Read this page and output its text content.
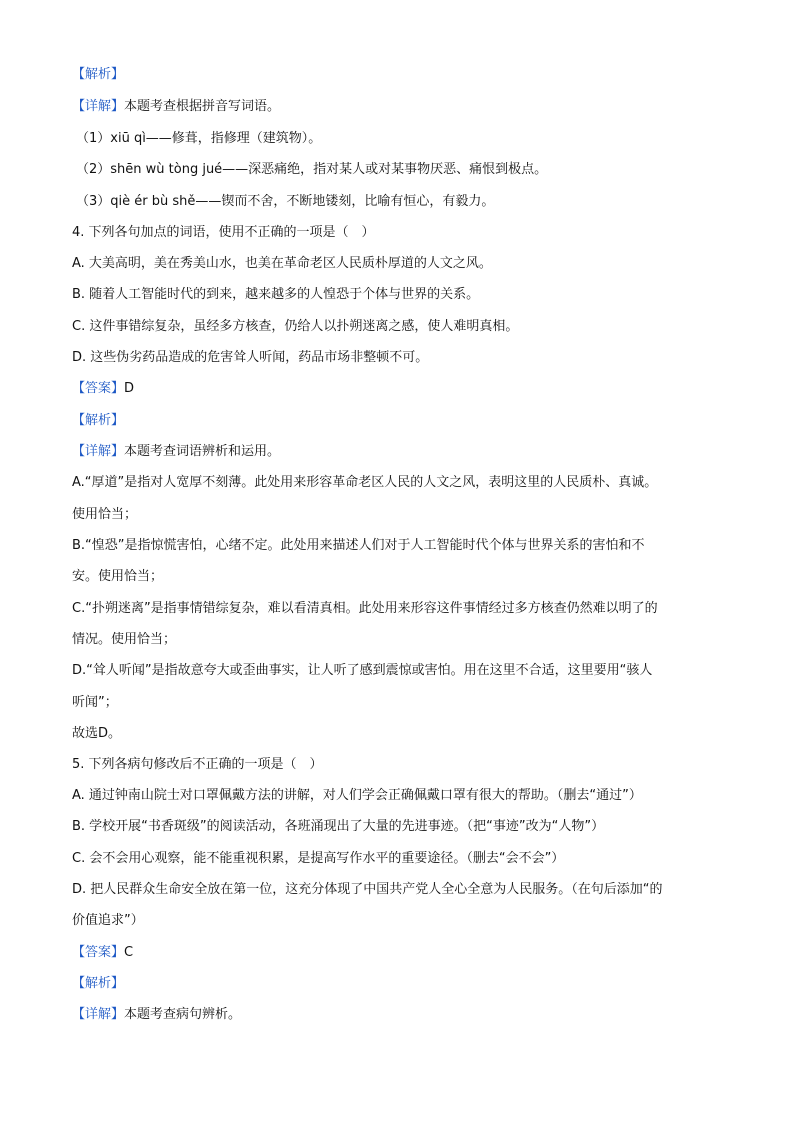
【解析】
【详解】本题考查根据拼音写词语。
（1）xiū qì——修葺，指修理（建筑物）。
（2）shēn wù tòng jué——深恶痛绝，指对某人或对某事物厌恶、痛恨到极点。
（3）qiè ér bù shě——锲而不舍，不断地镂刻，比喻有恒心，有毅力。
4. 下列各句加点的词语，使用不正确的一项是（　）
A. 大美高明，美在秀美山水，也美在革命老区人民质朴厚道的人文之风。
B. 随着人工智能时代的到来，越来越多的人惶恐于个体与世界的关系。
C. 这件事错综复杂，虽经多方核查，仍给人以扑朔迷离之感，使人难明真相。
D. 这些伪劣药品造成的危害耸人听闻，药品市场非整顿不可。
【答案】D
【解析】
【详解】本题考查词语辨析和运用。
A.“厚道”是指对人宽厚不刻薄。此处用来形容革命老区人民的人文之风，表明这里的人民质朴、真诚。
使用恰当；
B.“惶恐”是指惊慌害怕，心绪不定。此处用来描述人们对于人工智能时代个体与世界关系的害怕和不
安。使用恰当；
C.“扑朔迷离”是指事情错综复杂，难以看清真相。此处用来形容这件事情经过多方核查仍然难以明了的
情况。使用恰当；
D.“耸人听闻”是指故意夸大或歪曲事实，让人听了感到震惊或害怕。用在这里不合适，这里要用“骇人
听闻”；
故选D。
5. 下列各病句修改后不正确的一项是（　）
A. 通过钟南山院士对口罩佩戴方法的讲解，对人们学会正确佩戴口罩有很大的帮助。（删去“通过”）
B. 学校开展“书香斑级”的阅读活动，各班涌现出了大量的先进事迹。（把“事迹”改为“人物”）
C. 会不会用心观察，能不能重视积累，是提高写作水平的重要途径。（删去“会不会”）
D. 把人民群众生命安全放在第一位，这充分体现了中国共产党人全心全意为人民服务。（在句后添加“的
价值追求”）
【答案】C
【解析】
【详解】本题考查病句辨析。
